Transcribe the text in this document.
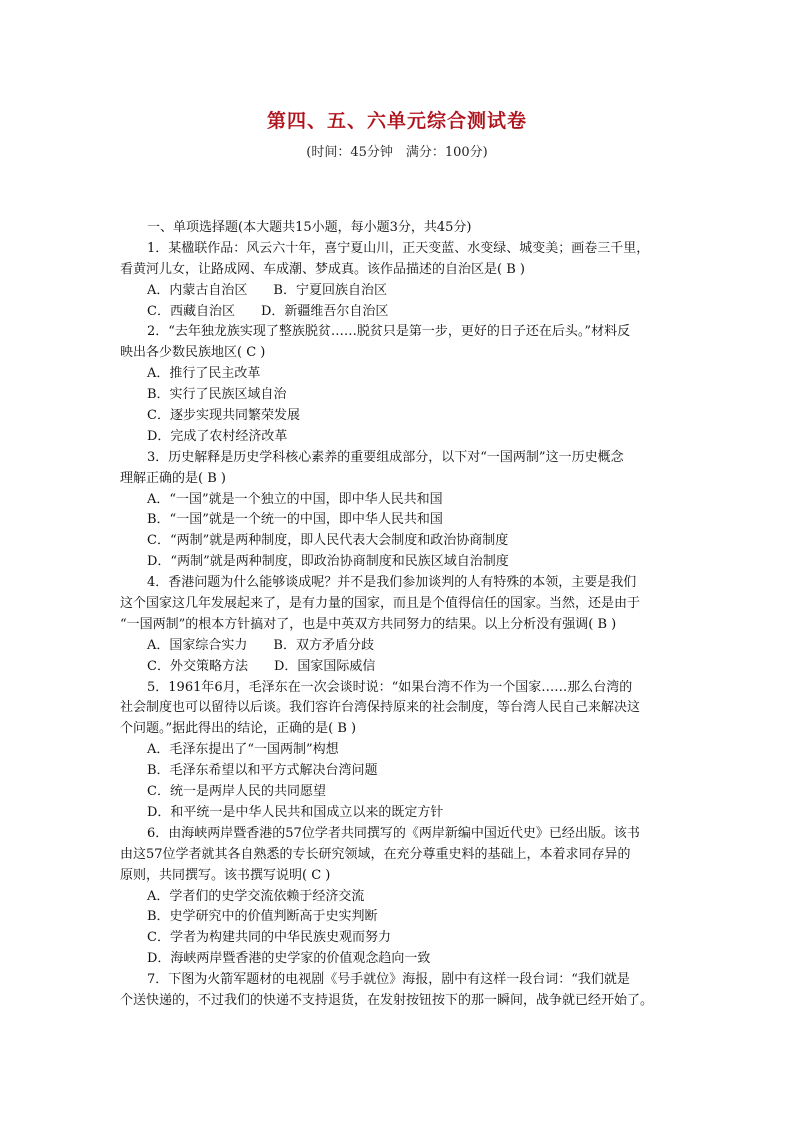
第四、五、六单元综合测试卷
(时间：45分钟　满分：100分)
一、单项选择题(本大题共15小题，每小题3分，共45分)
1．某楹联作品：风云六十年，喜宁夏山川，正天变蓝、水变绿、城变美；画卷三千里，
看黄河儿女，让路成网、车成潮、梦成真。该作品描述的自治区是( B )
A．内蒙古自治区　　B．宁夏回族自治区
C．西藏自治区　　D．新疆维吾尔自治区
2．“去年独龙族实现了整族脱贫……脱贫只是第一步，更好的日子还在后头。”材料反
映出各少数民族地区( C )
A．推行了民主改革
B．实行了民族区域自治
C．逐步实现共同繁荣发展
D．完成了农村经济改革
3．历史解释是历史学科核心素养的重要组成部分，以下对“一国两制”这一历史概念
理解正确的是( B )
A．“一国”就是一个独立的中国，即中华人民共和国
B．“一国”就是一个统一的中国，即中华人民共和国
C．“两制”就是两种制度，即人民代表大会制度和政治协商制度
D．“两制”就是两种制度，即政治协商制度和民族区域自治制度
4．香港问题为什么能够谈成呢？并不是我们参加谈判的人有特殊的本领，主要是我们
这个国家这几年发展起来了，是有力量的国家，而且是个值得信任的国家。当然，还是由于
“一国两制”的根本方针搞对了，也是中英双方共同努力的结果。以上分析没有强调( B )
A．国家综合实力　　B．双方矛盾分歧
C．外交策略方法　　D．国家国际威信
5．1961年6月，毛泽东在一次会谈时说：“如果台湾不作为一个国家……那么台湾的
社会制度也可以留待以后谈。我们容许台湾保持原来的社会制度，等台湾人民自己来解决这
个问题。”据此得出的结论，正确的是( B )
A．毛泽东提出了“一国两制”构想
B．毛泽东希望以和平方式解决台湾问题
C．统一是两岸人民的共同愿望
D．和平统一是中华人民共和国成立以来的既定方针
6．由海峡两岸暨香港的57位学者共同撰写的《两岸新编中国近代史》已经出版。该书
由这57位学者就其各自熟悉的专长研究领域，在充分尊重史料的基础上，本着求同存异的
原则，共同撰写。该书撰写说明( C )
A．学者们的史学交流依赖于经济交流
B．史学研究中的价值判断高于史实判断
C．学者为构建共同的中华民族史观而努力
D．海峡两岸暨香港的史学家的价值观念趋向一致
7．下图为火箭军题材的电视剧《号手就位》海报，剧中有这样一段台词：“我们就是
个送快递的，不过我们的快递不支持退货，在发射按钮按下的那一瞬间，战争就已经开始了。
